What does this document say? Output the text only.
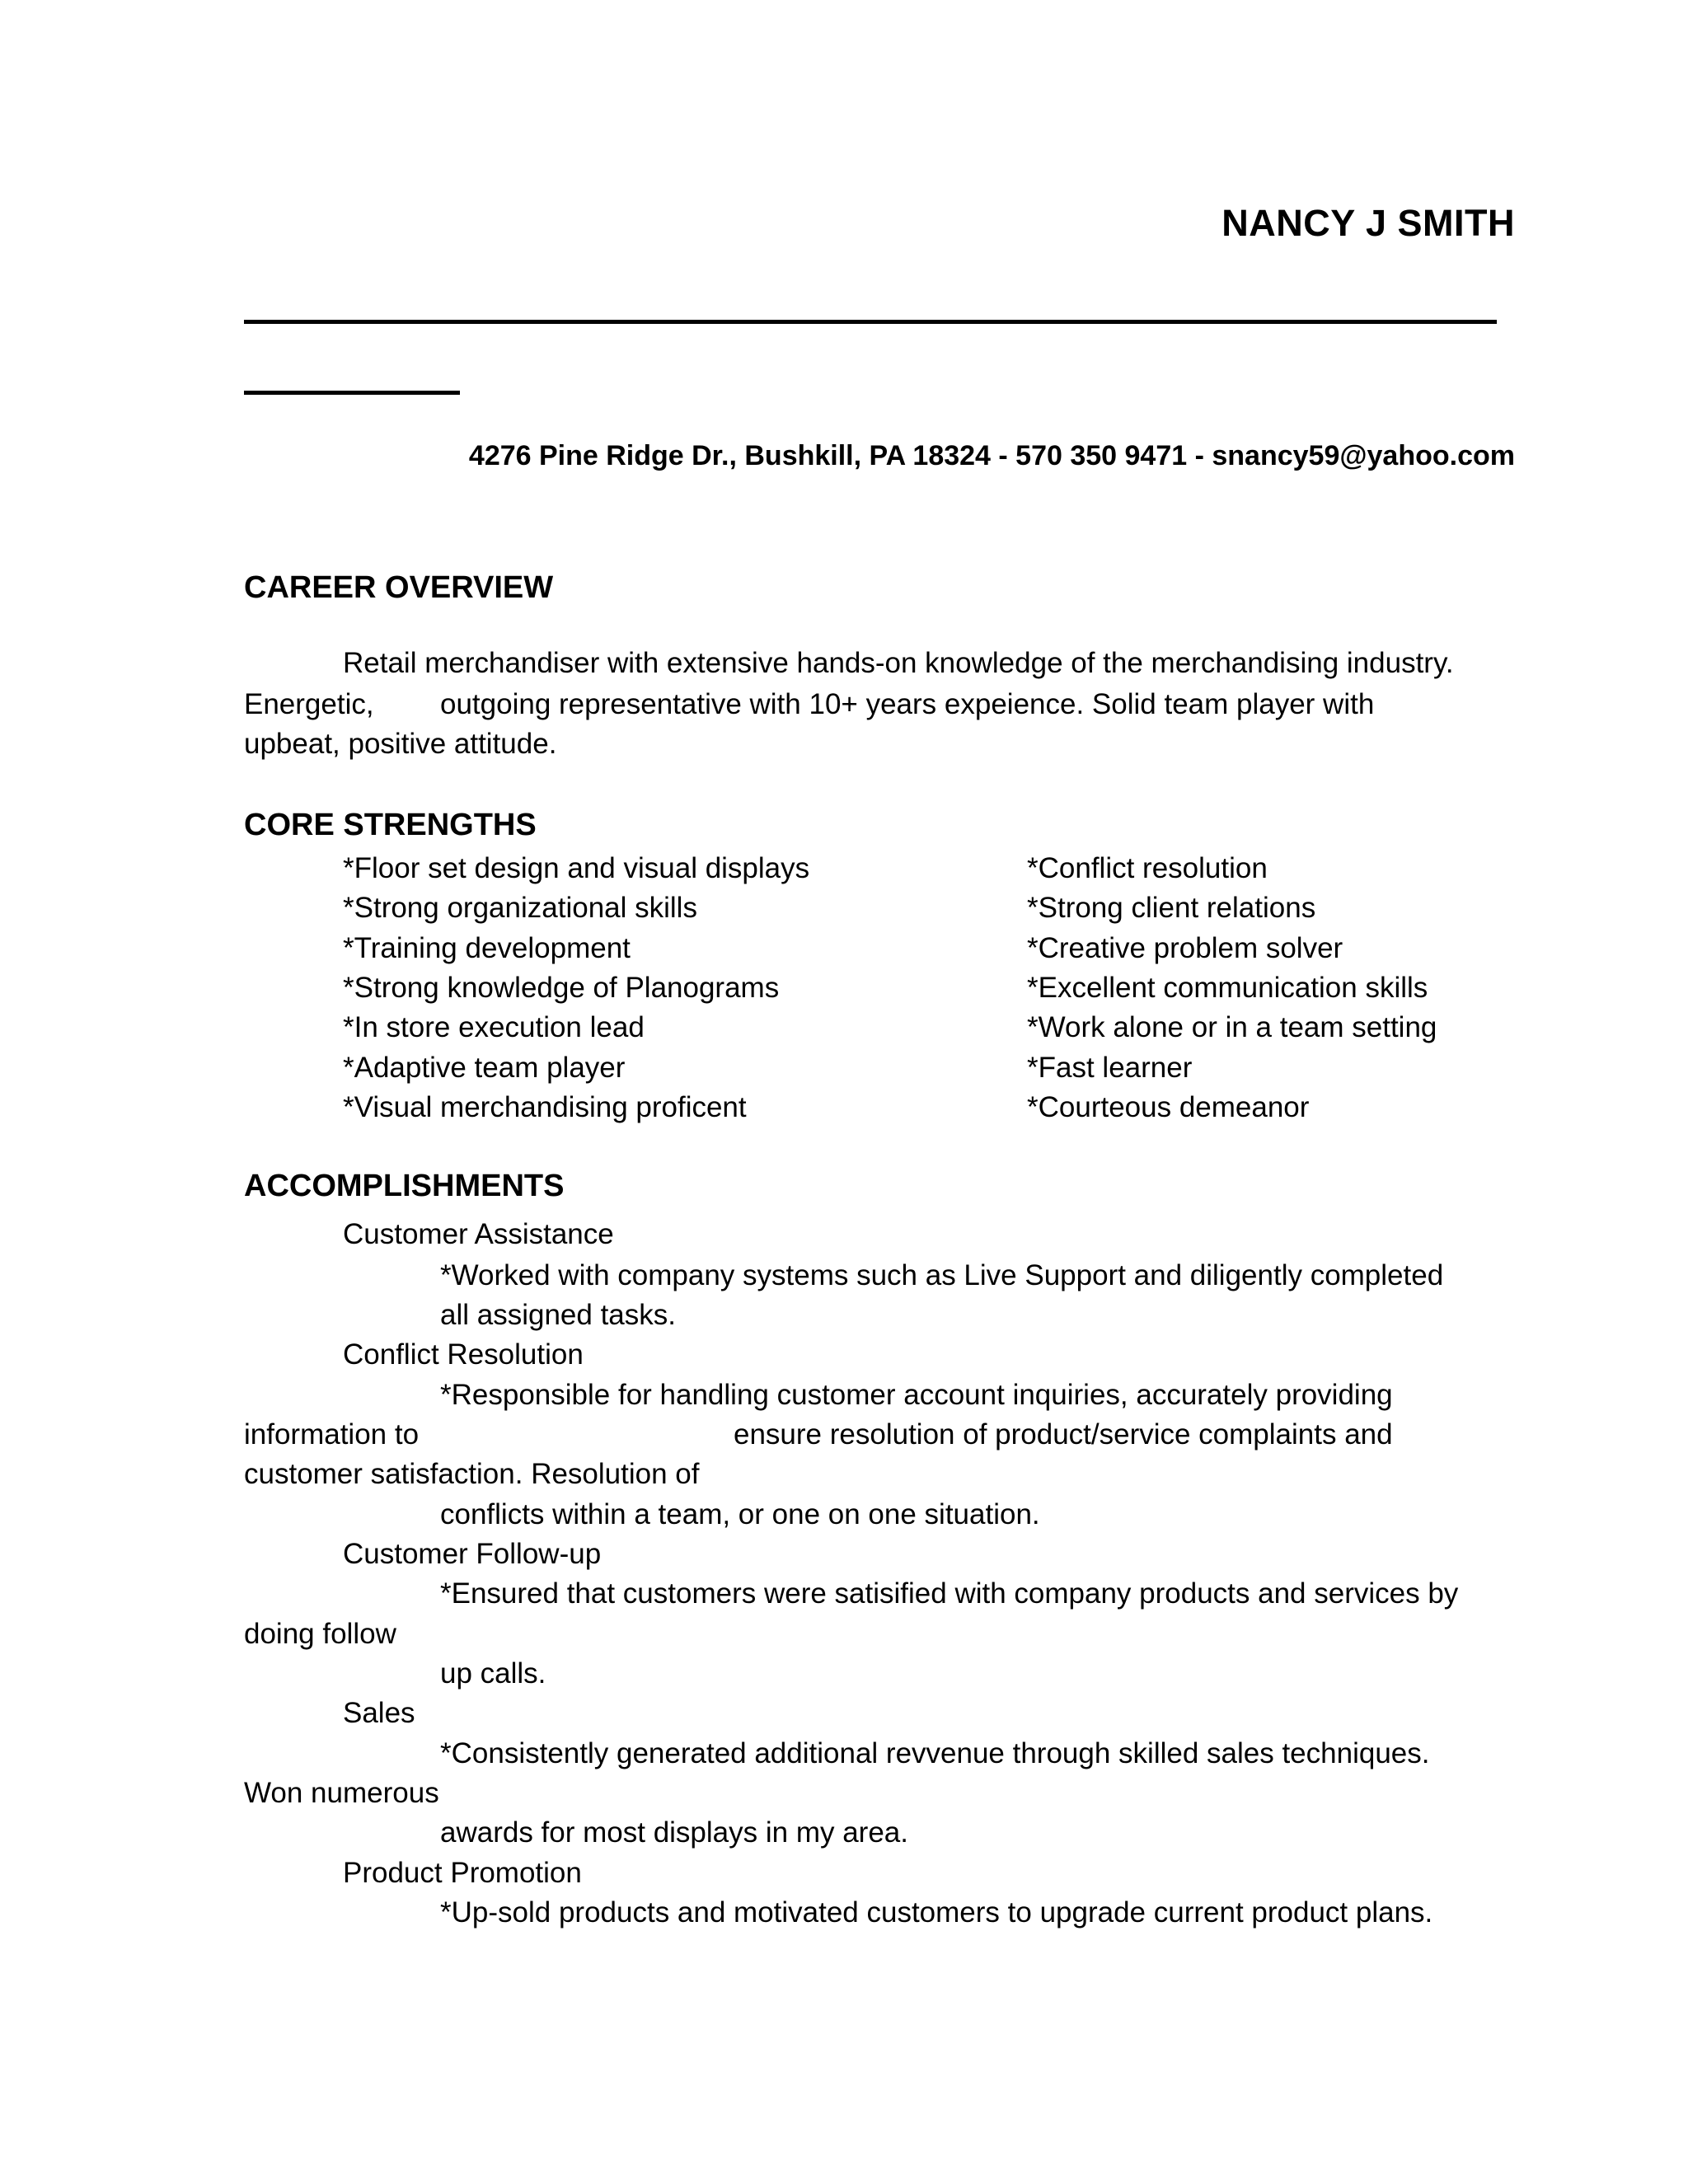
NANCY J SMITH
4276 Pine Ridge Dr., Bushkill, PA 18324 - 570 350 9471 - snancy59@yahoo.com
CAREER OVERVIEW
Retail merchandiser with extensive hands-on knowledge of the merchandising industry.
Energetic, outgoing representative with 10+ years expeience. Solid team player with
upbeat, positive attitude.
CORE STRENGTHS
*Floor set design and visual displays
*Strong organizational skills
*Training development
*Strong knowledge of Planograms
*In store execution lead
*Adaptive team player
*Visual merchandising proficent
*Conflict resolution
*Strong client relations
*Creative problem solver
*Excellent communication skills
*Work alone or in a team setting
*Fast learner
*Courteous demeanor
ACCOMPLISHMENTS
Customer Assistance
*Worked with company systems such as Live Support and diligently completed
all assigned tasks.
Conflict Resolution
*Responsible for handling customer account inquiries, accurately providing
information to	ensure resolution of product/service complaints and
customer satisfaction. Resolution of
conflicts within a team, or one on one situation.
Customer Follow-up
*Ensured that customers were satisified with company products and services by
doing follow
up calls.
Sales
*Consistently generated additional revvenue through skilled sales techniques.
Won numerous
awards for most displays in my area.
Product Promotion
*Up-sold products and motivated customers to upgrade current product plans.
